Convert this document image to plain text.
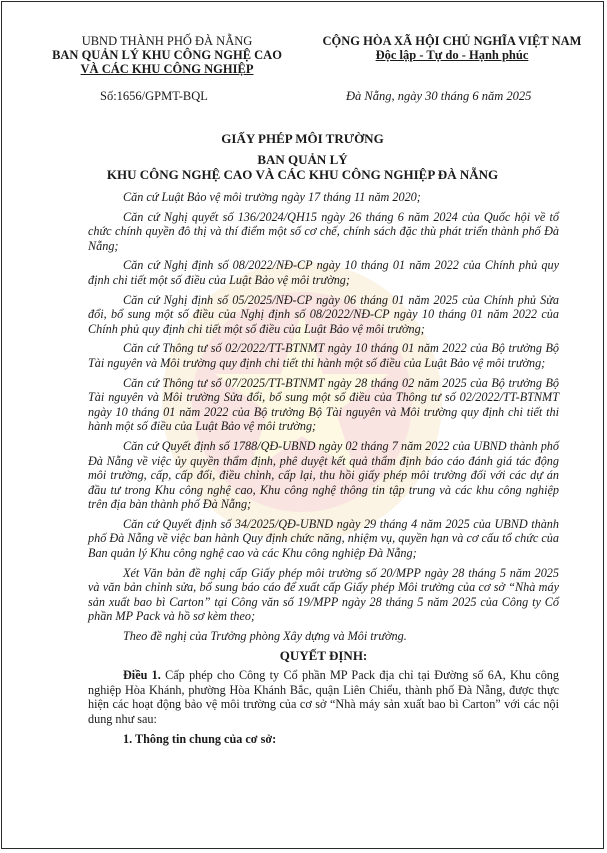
UBND THÀNH PHỐ ĐÀ NẴNG
BAN QUẢN LÝ KHU CÔNG NGHỆ CAO
VÀ CÁC KHU CÔNG NGHIỆP
CỘNG HÒA XÃ HỘI CHỦ NGHĨA VIỆT NAM
Độc lập - Tự do - Hạnh phúc
Số:1656/GPMT-BQL	Đà Nẵng, ngày 30 tháng 6 năm 2025
GIẤY PHÉP MÔI TRƯỜNG
BAN QUẢN LÝ
KHU CÔNG NGHỆ CAO VÀ CÁC KHU CÔNG NGHIỆP ĐÀ NẴNG

Căn cứ Luật Bảo vệ môi trường ngày 17 tháng 11 năm 2020;

Căn cứ Nghị quyết số 136/2024/QH15 ngày 26 tháng 6 năm 2024 của Quốc hội về tổ chức chính quyền đô thị và thí điểm một số cơ chế, chính sách đặc thù phát triển thành phố Đà Nẵng;

Căn cứ Nghị định số 08/2022/NĐ-CP ngày 10 tháng 01 năm 2022 của Chính phủ quy định chi tiết một số điều của Luật Bảo vệ môi trường;

Căn cứ Nghị định số 05/2025/NĐ-CP ngày 06 tháng 01 năm 2025 của Chính phủ Sửa đổi, bổ sung một số điều của Nghị định số 08/2022/NĐ-CP ngày 10 tháng 01 năm 2022 của Chính phủ quy định chi tiết một số điều của Luật Bảo vệ môi trường;

Căn cứ Thông tư số 02/2022/TT-BTNMT ngày 10 tháng 01 năm 2022 của Bộ trưởng Bộ Tài nguyên và Môi trường quy định chi tiết thi hành một số điều của Luật Bảo vệ môi trường;

Căn cứ Thông tư số 07/2025/TT-BTNMT ngày 28 tháng 02 năm 2025 của Bộ trưởng Bộ Tài nguyên và Môi trường Sửa đổi, bổ sung một số điều của Thông tư số 02/2022/TT-BTNMT ngày 10 tháng 01 năm 2022 của Bộ trưởng Bộ Tài nguyên và Môi trường quy định chi tiết thi hành một số điều của Luật Bảo vệ môi trường;

Căn cứ Quyết định số 1788/QĐ-UBND ngày 02 tháng 7 năm 2022 của UBND thành phố Đà Nẵng về việc ủy quyền thẩm định, phê duyệt kết quả thẩm định báo cáo đánh giá tác động môi trường, cấp, cấp đổi, điều chỉnh, cấp lại, thu hồi giấy phép môi trường đối với các dự án đầu tư trong Khu công nghệ cao, Khu công nghệ thông tin tập trung và các khu công nghiệp trên địa bàn thành phố Đà Nẵng;

Căn cứ Quyết định số 34/2025/QĐ-UBND ngày 29 tháng 4 năm 2025 của UBND thành phố Đà Nẵng về việc ban hành Quy định chức năng, nhiệm vụ, quyền hạn và cơ cấu tổ chức của Ban quản lý Khu công nghệ cao và các Khu công nghiệp Đà Nẵng;

Xét Văn bản đề nghị cấp Giấy phép môi trường số 20/MPP ngày 28 tháng 5 năm 2025 và văn bản chỉnh sửa, bổ sung báo cáo để xuất cấp Giấy phép Môi trường của cơ sở “Nhà máy sản xuất bao bì Carton” tại Công văn số 19/MPP ngày 28 tháng 5 năm 2025 của Công ty Cổ phần MP Pack và hồ sơ kèm theo;

Theo đề nghị của Trưởng phòng Xây dựng và Môi trường.

QUYẾT ĐỊNH:

Điều 1. Cấp phép cho Công ty Cổ phần MP Pack địa chỉ tại Đường số 6A, Khu công nghiệp Hòa Khánh, phường Hòa Khánh Bắc, quận Liên Chiểu, thành phố Đà Nẵng, được thực hiện các hoạt động bảo vệ môi trường của cơ sở “Nhà máy sản xuất bao bì Carton” với các nội dung như sau:

1. Thông tin chung của cơ sở:
